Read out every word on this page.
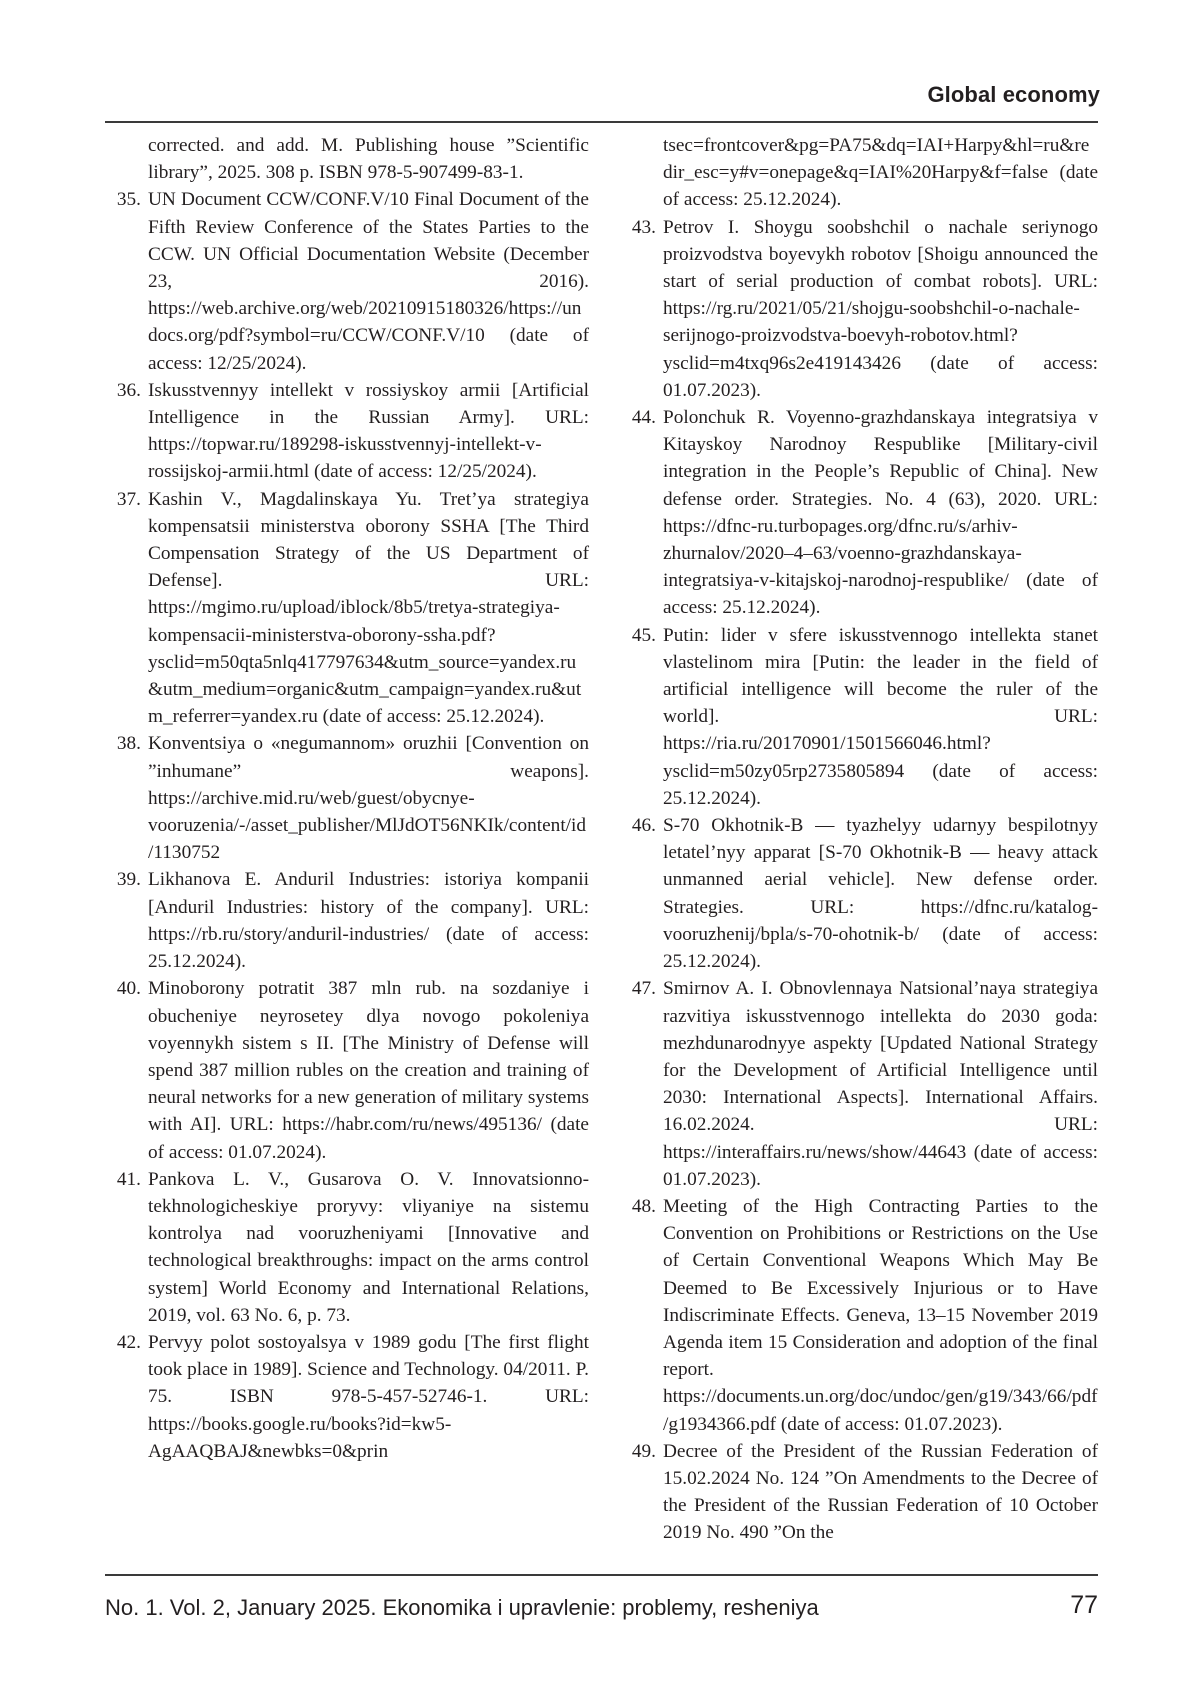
Global economy
corrected. and add. M. Publishing house ”Scientific library”, 2025. 308 p. ISBN 978-5-907499-83-1.
35. UN Document CCW/CONF.V/10 Final Document of the Fifth Review Conference of the States Parties to the CCW. UN Official Documentation Website (December 23, 2016). https://web.archive.org/web/20210915180326/https://undocs.org/pdf?symbol=ru/CCW/CONF.V/10 (date of access: 12/25/2024).
36. Iskusstvennyy intellekt v rossiyskoy armii [Artificial Intelligence in the Russian Army]. URL: https://topwar.ru/189298-iskusstvennyj-intellekt-v-rossijskoj-armii.html (date of access: 12/25/2024).
37. Kashin V., Magdalinskaya Yu. Tret’ya strategiya kompensatsii ministerstva oborony SSHA [The Third Compensation Strategy of the US Department of Defense]. URL: https://mgimo.ru/upload/iblock/8b5/tretya-strategiya-kompensacii-ministerstva-oborony-ssha.pdf?ysclid=m50qta5nlq417797634&utm_source=yandex.ru&utm_medium=organic&utm_campaign=yandex.ru&utm_referrer=yandex.ru (date of access: 25.12.2024).
38. Konventsiya o «negumannom» oruzhii [Convention on ”inhumane” weapons]. https://archive.mid.ru/web/guest/obycnye-vooruzenia/-/asset_publisher/MlJdOT56NKIk/content/id/1130752
39. Likhanova E. Anduril Industries: istoriya kompanii [Anduril Industries: history of the company]. URL: https://rb.ru/story/anduril-industries/ (date of access: 25.12.2024).
40. Minoborony potratit 387 mln rub. na sozdaniye i obucheniye neyrosetey dlya novogo pokoleniya voyennykh sistem s II. [The Ministry of Defense will spend 387 million rubles on the creation and training of neural networks for a new generation of military systems with AI]. URL: https://habr.com/ru/news/495136/ (date of access: 01.07.2024).
41. Pankova L. V., Gusarova O. V. Innovatsionno-tekhnologicheskiye proryvy: vliyaniye na sistemu kontrolya nad vooruzheniyami [Innovative and technological breakthroughs: impact on the arms control system] World Economy and International Relations, 2019, vol. 63 No. 6, p. 73.
42. Pervyy polot sostoyalsya v 1989 godu [The first flight took place in 1989]. Science and Technology. 04/2011. P. 75. ISBN 978-5-457-52746-1. URL: https://books.google.ru/books?id=kw5-AgAAQBAJ&newbks=0&prin
tsec=frontcover&pg=PA75&dq=IAI+Harpy&hl=ru&redir_esc=y#v=onepage&q=IAI%20Harpy&f=false (date of access: 25.12.2024).
43. Petrov I. Shoygu soobshchil o nachale seriynogo proizvodstva boyevykh robotov [Shoigu announced the start of serial production of combat robots]. URL: https://rg.ru/2021/05/21/shojgu-soobshchil-o-nachale-serijnogo-proizvodstva-boevyh-robotov.html?ysclid=m4txq96s2e419143426 (date of access: 01.07.2023).
44. Polonchuk R. Voyenno-grazhdanskaya integratsiya v Kitayskoy Narodnoy Respublike [Military-civil integration in the People’s Republic of China]. New defense order. Strategies. No. 4 (63), 2020. URL: https://dfnc-ru.turbopages.org/dfnc.ru/s/arhiv-zhurnalov/2020–4–63/voenno-grazhdanskaya-integratsiya-v-kitajskoj-narodnoj-respublike/ (date of access: 25.12.2024).
45. Putin: lider v sfere iskusstvennogo intellekta stanet vlastelinom mira [Putin: the leader in the field of artificial intelligence will become the ruler of the world]. URL: https://ria.ru/20170901/1501566046.html?ysclid=m50zy05rp2735805894 (date of access: 25.12.2024).
46. S-70 Okhotnik-B — tyazhelyy udarnyy bespilotnyy letatel’nyy apparat [S-70 Okhotnik-B — heavy attack unmanned aerial vehicle]. New defense order. Strategies. URL: https://dfnc.ru/katalog-vooruzhenij/bpla/s-70-ohotnik-b/ (date of access: 25.12.2024).
47. Smirnov A. I. Obnovlennaya Natsional’naya strategiya razvitiya iskusstvennogo intellekta do 2030 goda: mezhdunarodnyye aspekty [Updated National Strategy for the Development of Artificial Intelligence until 2030: International Aspects]. International Affairs. 16.02.2024. URL: https://interaffairs.ru/news/show/44643 (date of access: 01.07.2023).
48. Meeting of the High Contracting Parties to the Convention on Prohibitions or Restrictions on the Use of Certain Conventional Weapons Which May Be Deemed to Be Excessively Injurious or to Have Indiscriminate Effects. Geneva, 13–15 November 2019 Agenda item 15 Consideration and adoption of the final report. https://documents.un.org/doc/undoc/gen/g19/343/66/pdf/g1934366.pdf (date of access: 01.07.2023).
49. Decree of the President of the Russian Federation of 15.02.2024 No. 124 ”On Amendments to the Decree of the President of the Russian Federation of 10 October 2019 No. 490 ”On the
No. 1. Vol. 2, January 2025. Ekonomika i upravlenie: problemy, resheniya	77
